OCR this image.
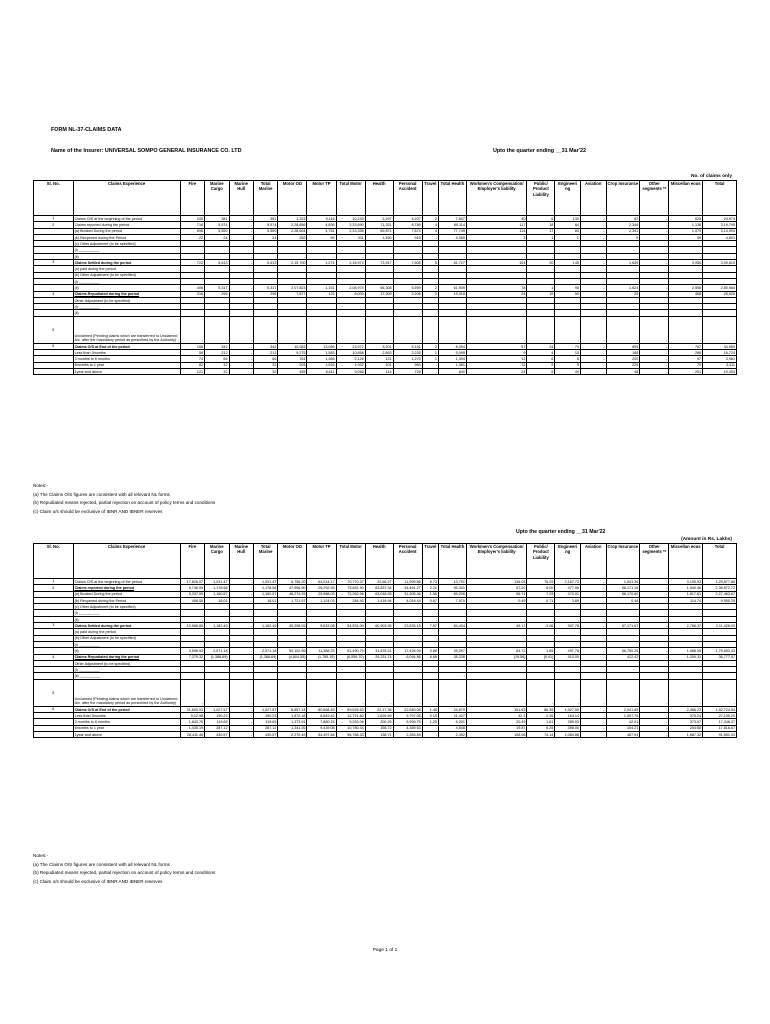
FORM NL-37-CLAIMS DATA
Name of the Insurer: UNIVERSAL SOMPO GENERAL INSURANCE CO. LTD	Upto the quarter ending __31 Mar'22
No. of claims only
Sl. No.	Claims Experience	Fire	Marine Cargo	Marine Hull	Total Marine	Motor OD	Motor TP	Total Motor	Health	Personal Accident	Travel	Total Health	Workmen's Compensation/ Employer's liability	Public/ Product Liability	Engineeri ng	Aviation	Crop Insurance	Other segments **	Miscellan eous	Total
1	Claims O/S at the beginning of the period	100	381	-	381	1,323	9,116	10,249	3,397	4,207	2	7,607	40	6	130	-	62	-	625	24,974
2	Claims reported during the period	718	5,574	-	5,574	2,28,856	4,836	2,33,690	71,321	8,789	4	80,114	117	18	84	-	2,346	-	1,138	3,19,795
	(a) Booked During the period	696	5,550	-	5,550	2,28,604	4,751	2,33,355	69,871	7,874	4	77,749	114	17	83	-	2,341	-	1,079	3,14,904
	(b) Reopened during the Period	22	24	-	24	252	59	311	1,450	915	-	4,365	3	1	1	-	5	-	59	4,801
	(c) Other Adjustment (to be specified)																			
	(i) __________																			
	(ii)	-	-	-	-	-	-	-	-	-	-	-	-	-	-	-	-	-	-	-
3	Claims Settled during the period	722	5,613	-	5,613	2,15,700	1,274	2,16,974	73,917	7,805	5	81,727	104	20	145	-	1,649	-	3,956	3,09,610
	(a) paid during the period																			
	(b) Other Adjustment (to be specified)																			
	(i) __________																			
	(ii)	406	5,317	-	5,317	2,07,823	1,151	2,08,974	56,308	5,599	2	61,909	78	1	95	-	1,624	-	2,598	2,80,984
4	Claims Repudiated during the period	316	296	-	296	7,877	123	8,000	17,209	2,206	3	19,418	24	19	50	-	25	-	468	28,626
	Other Adjustment (to be specified)																			
	(i) __________																			
	(ii)					-		-				-								
5	Unclaimed (Pending claims which are transferred to Unclaimed A/c. after the mandatory period as prescribed by the Authority)	-	-	-	-	-	-	-	-	-	-	-	-	-	-	-	-	-	-	-
6	Claims O/S at End of the period	106	342	-	342	10,083	13,089	23,972	3,201	5,191	2	8,394	57	24	79	-	659	-	767	34,569
	Less than 3months	59	212	-	212	9,275	1,583	10,858	2,863	2,235	1	5,099	9	4	15	-	188	-	288	16,724
	3 months to 6 months	74	66	-	66	761	1,365	2,126	121	1,270	1	1,394	12	6	6	-	200	-	97	3,981
	6months to 1 year	82	32	-	32	203	1,516	1,932	101	963	-	1,061	12	9	9	-	225	-	79	3,411
	1year and above	121	32	-	32	455	8,611	9,066	114	726	-	840	24	5	49	-	46	-	251	10,453
Notes:-
(a) The Claims O/S figures are consistent with all relevant NL forms
(b) Repudiated means rejected, partial rejection on account of policy terms and conditions
(c) Claim o/s should be exclusive of IBNR AND IBNER reserves
Upto the quarter ending __31 Mar'22
(Amount in Rs. Lakhs)
Sl. No.	Claims Experience	Fire	Marine Cargo	Marine Hull	Total Marine	Motor OD	Motor TP	Total Motor	Health	Personal Accident	Travel	Total Health	Workmen's Compensation/ Employer's liability	Public/ Product Liability	Engineeri ng	Aviation	Crop Insurance	Other segments **	Miscellan eous	Total
1	Claims O/S at the beginning of the period	17,826.07	1,031.47	-	1,031.47	6,756.20	64,014.17	70,770.37	22,66.27	11,599.86	6.73	13,791	136.05	75.29	2,167.73	-	1,041.36	-	3,105.93	1,29,577.85
2	Claims reported during the period	5,746.09	1,178.58	-	1,178.58	47,996.90	26,292.93	73,651.90	63,837.34	34,461.27	2.21	95,301	57.20	8.00	477.59	-	58,171.16	-	1,940.46	2,36,572.72
	(a) Booked During the period	5,337.59	1,160.57	-	1,160.57	46,274.93	25,988.03	72,262.96	63,018.93	31,305.46	1.56	89,206	56.74	7.29	473.01	-	58,170.60	-	1,817.81	2,27,463.67
	(b) Reopened during the Period	408.50	18.01	-	18.01	1,721.97	1,124.03	284.93	1,418.94	4,018.44	0.67	7,570	0.49	0.71	3.89	-	0.48	-	114.74	9,955.25
	(c) Other Adjustment (to be specified)																			
	(i) __________																			
	(ii)	-	-	-	-	-	-	-	-	-	-	-	-	-	-	-	-	-	-	-
3	Claims Settled during the period	10,968.85	1,182.49	-	1,182.49	45,298.02	9,633.08	54,931.09	60,903.95	23,533.15	7.57	84,434	45.17	-3.06	907.78	-	57,171.67	-	2,766.37	2,11,428.03
	(a) paid during the period																			
	(b) Other Adjustment (to be specified)																			
	(i) __________																			
	(ii)	3,598.53	2,571.18	-	2,571.18	50,102.56	11,388.23	61,490.79	31,678.21	17,426.09	0.88	49,097	64.73	1.85	497.78	-	56,750.25	-	1,588.05	1,75,653.43
4	Claims Repudiated during the period	7,379.32	(1,388.69)	-	(1,388.69)	(4,804.55)	(1,755.15)	(6,559.70)	29,231.74	6,094.86	6.68	35,336	(19.56)	(5.01)	410.00	-	422.42	-	1,200.31	36,777.57
	Other Adjustment (to be specified)																			
	(i) __________																			
	(ii) __________					-		-				-								
5	Unclaimed (Pending claims which are transferred to Unclaimed A/c. after the mandatory period as prescribed by the Authority)	-	-	-	-	-	-	-	-	-	-	-	-	-	-	-	-	-	-	-
6	Claims O/S at End of the period	31,603.91	1,027.57	-	1,027.57	8,857.14	80,668.49	89,525.63	22,17.36	22,540.08	1.48	24,879	151.63	86.35	1,927.55	-	2,041.85	-	2,466.23	1,52,724.54
	Less than 3months	9,12.98	190.23	-	190.23	1,872.18	6,849.42	12,721.60	1,626.69	9,797.05	0.15	11,427	42.1	2.35	164.14	-	1,597.75	-	375.24	27,105.20
	3 months to 6 months	1,843.76	119.65	-	119.65	1,373.91	7,880.15	9,253.06	200.25	5,999.75	1.25	6,201	20.49	1.61	289.53	-	42.01	-	373.07	17,346.37
	6months to 1 year	1,435.19	287.12	-	287.12	1,341.26	9,439.08	10,780.44	158.72	4,389.63	-	4,548	19.87	6.25	398.00	-	104.21	-	254.68	17,816.67
	1year and above	28,411.46	430.57	-	430.57	2,270.49	54,497.84	56,768.33	138.71	2,353.69	-	2,492	108.08	74.14	1,084.88	-	487.94	-	1,687.32	91,551.03
Notes:-
(a) The Claims O/S figures are consistent with all relevant NL forms
(b) Repudiated means rejected, partial rejection on account of policy terms and conditions
(c) Claim o/s should be exclusive of IBNR AND IBNER reserves
Page 1 of 1
